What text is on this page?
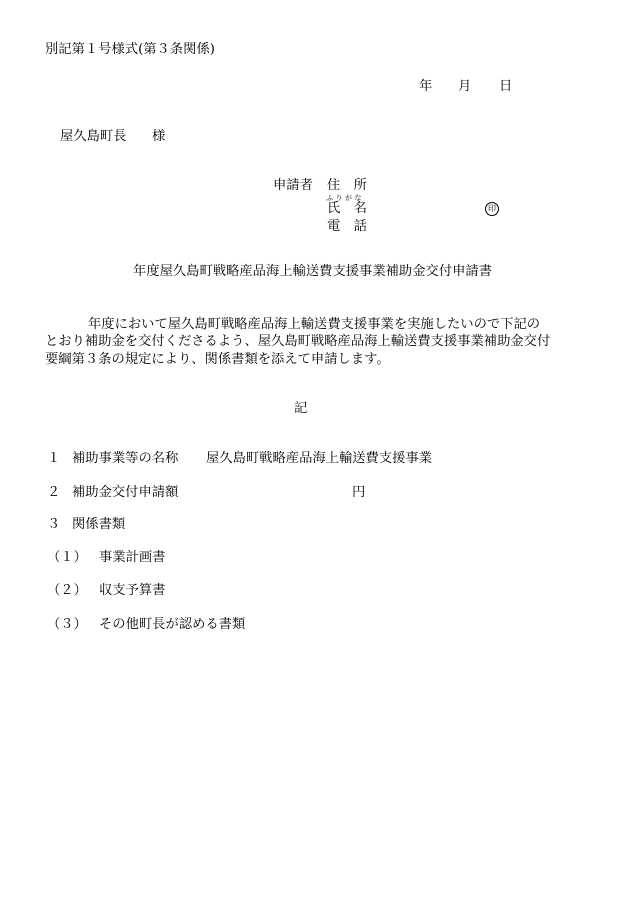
別記第１号様式(第３条関係)
年 月 日
屋久島町長 様
申請者 住　所
ふりがな
氏　名	印
電　話
年度屋久島町戦略産品海上輸送費支援事業補助金交付申請書
年度において屋久島町戦略産品海上輸送費支援事業を実施したいので下記の
とおり補助金を交付くださるよう、屋久島町戦略産品海上輸送費支援事業補助金交付
要綱第３条の規定により、関係書類を添えて申請します。
記
１ 補助事業等の名称 屋久島町戦略産品海上輸送費支援事業
２ 補助金交付申請額	円
３ 関係書類
（１） 事業計画書
（２） 収支予算書
（３） その他町長が認める書類
